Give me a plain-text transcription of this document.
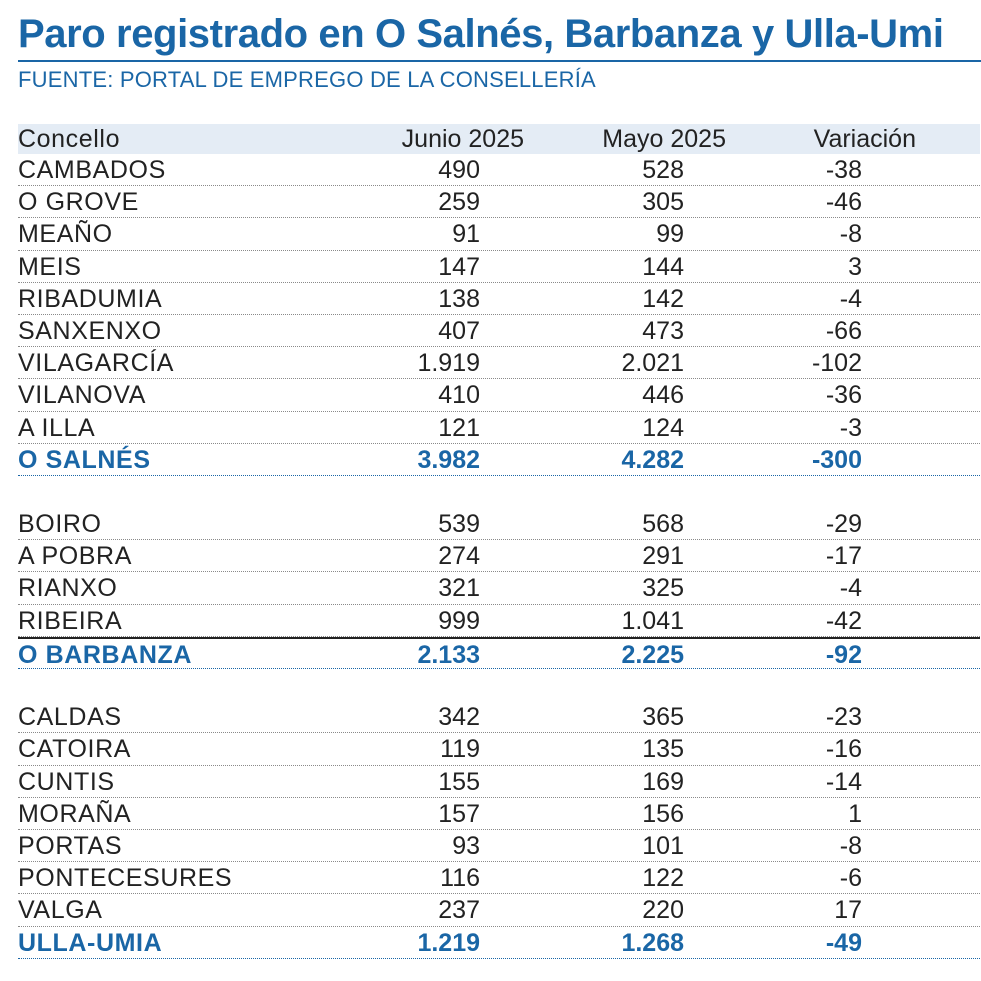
Paro registrado en O Salnés, Barbanza y Ulla-Umi
FUENTE: PORTAL DE EMPREGO DE LA CONSELLERÍA
Concello	Junio 2025	Mayo 2025	Variación
CAMBADOS	490	528	-38
O GROVE	259	305	-46
MEAÑO	91	99	-8
MEIS	147	144	3
RIBADUMIA	138	142	-4
SANXENXO	407	473	-66
VILAGARCÍA	1.919	2.021	-102
VILANOVA	410	446	-36
A ILLA	121	124	-3
O SALNÉS	3.982	4.282	-300
BOIRO	539	568	-29
A POBRA	274	291	-17
RIANXO	321	325	-4
RIBEIRA	999	1.041	-42
O BARBANZA	2.133	2.225	-92
CALDAS	342	365	-23
CATOIRA	119	135	-16
CUNTIS	155	169	-14
MORAÑA	157	156	1
PORTAS	93	101	-8
PONTECESURES	116	122	-6
VALGA	237	220	17
ULLA-UMIA	1.219	1.268	-49
